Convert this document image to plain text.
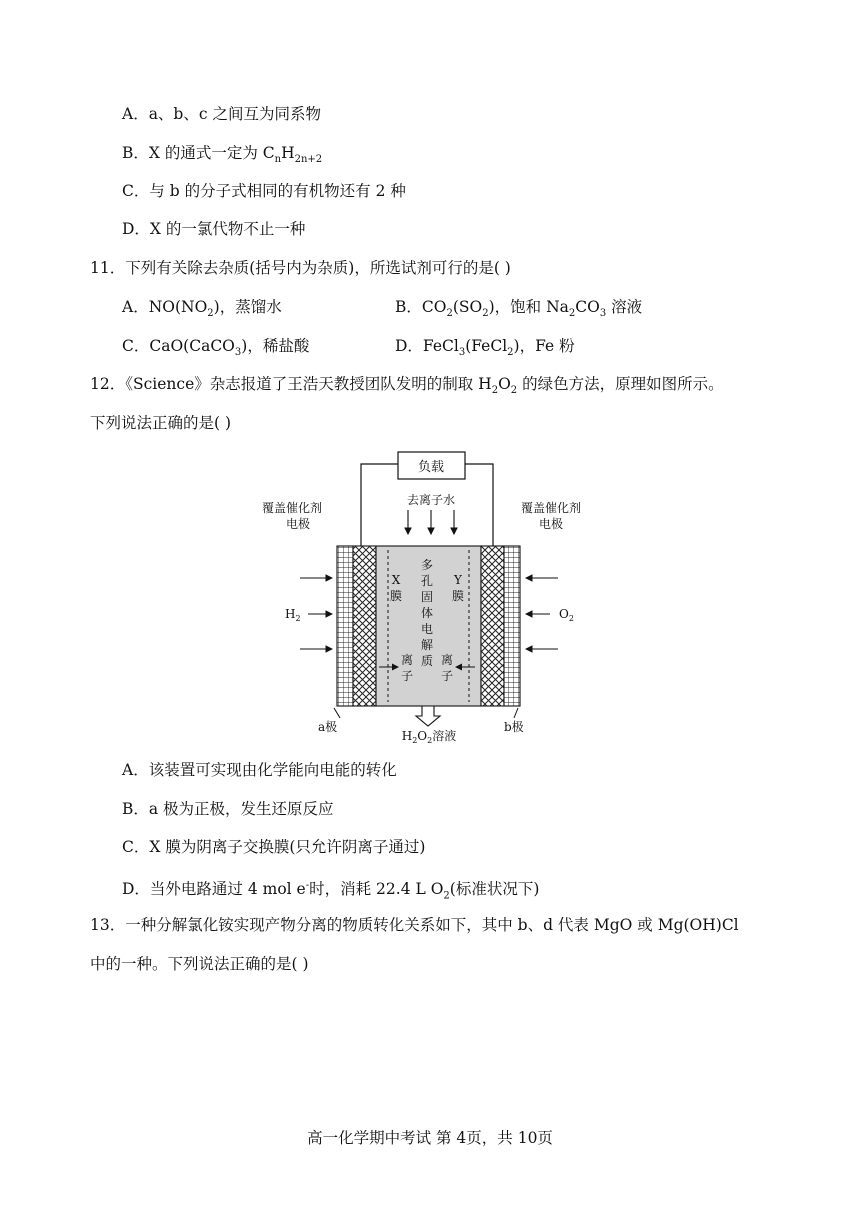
A．a、b、c 之间互为同系物
B．X 的通式一定为 $C_nH_{2n+2}$
C．与 b 的分子式相同的有机物还有 2 种
D．X 的一氯代物不止一种
11．下列有关除去杂质(括号内为杂质)，所选试剂可行的是( )
A．$NO(NO_2)$，蒸馏水	B．$CO_2(SO_2)$，饱和 $Na_2CO_3$ 溶液
C．CaO(CaCO$_3$)，稀盐酸	D．FeCl$_3$(FeCl$_2$)，Fe 粉
12．《Science》杂志报道了王浩天教授团队发明的制取 $H_2O_2$ 的绿色方法，原理如图所示。
下列说法正确的是( )
负载
去离子水
覆盖催化剂
电极
覆盖催化剂
电极
X
膜
Y
膜
多
孔
固
体
电
解
质
离
子
离
子
$H_2$	$O_2$
a极	b极
$H_2O_2$溶液
A．该装置可实现由化学能向电能的转化
B．a 极为正极，发生还原反应
C．X 膜为阴离子交换膜(只允许阴离子通过)
D．当外电路通过 4 mol e-时，消耗 22.4 L $O_2$(标准状况下)
13．一种分解氯化铵实现产物分离的物质转化关系如下，其中 b、d 代表 MgO 或 Mg(OH)Cl
中的一种。下列说法正确的是( )
高一化学期中考试 第 4页，共 10页
